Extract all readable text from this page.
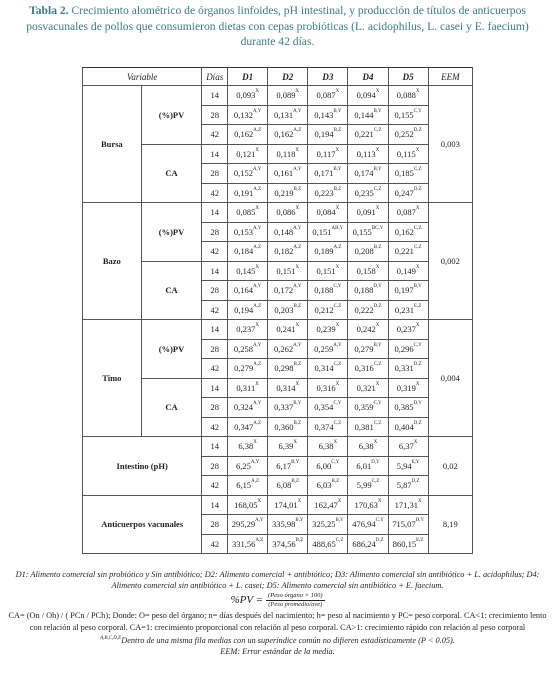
Tabla 2. Crecimiento alométrico de órganos linfoides, pH intestinal, y producción de títulos de anticuerpos posvacunales de pollos que consumieron dietas con cepas probióticas (L. acidophilus, L. casei y E. faecium) durante 42 días.
Variable		Días	D1	D2	D3	D4	D5	EEM
Bursa	(%)PV	14	$0,093^X$	$0,089^X$	$0,087^X$	$0,094^X$	$0,088^X$	0,003
		28	$0,132^{A,Y}$	$0,131^{A,Y}$	$0,143^{B,Y}$	$0,144^{B,Y}$	$0,155^{C,Y}$
		42	$0,162^{A,Z}$	$0,162^{A,Z}$	$0,194^{B,Z}$	$0,221^{C,Z}$	$0,252^{D,Z}$
	CA	14	$0,121^X$	$0,118^X$	$0,117^X$	$0,113^X$	$0,115^X$
		28	$0,152^{A,Y}$	$0,161^{A,Y}$	$0,171^{B,Y}$	$0,174^{B,Y}$	$0,185^{C,Z}$
		42	$0,191^{A,Z}$	$0,219^{B,Z}$	$0,223^{B,Z}$	$0,235^{C,Z}$	$0,247^{D,Z}$
Bazo	(%)PV	14	$0,085^X$	$0,086^X$	$0,084^X$	$0,091^X$	$0,087^X$	0,002
		28	$0,153^{A,Y}$	$0,148^{A,Y}$	$0,151^{AB,Y}$	$0,155^{BC,Y}$	$0,162^{C,Z}$
		42	$0,184^{A,Z}$	$0,182^{A,Z}$	$0,189^{A,Z}$	$0,208^{B,Z}$	$0,221^{C,Z}$
	CA	14	$0,145^X$	$0,151^X$	$0,151^X$	$0,158^X$	$0,149^X$
		28	$0,164^{A,Y}$	$0,172^{A,Y}$	$0,188^{C,Y}$	$0,188^{D,Y}$	$0,197^{B,Y}$
		42	$0,194^{A,Z}$	$0,203^{B,Z}$	$0,212^{C,Z}$	$0,222^{D,Z}$	$0,231^{E,Z}$
Timo	(%)PV	14	$0,237^X$	$0,241^X$	$0,239^X$	$0,242^X$	$0,237^X$	0,004
		28	$0,258^{A,Y}$	$0,262^{A,Y}$	$0,259^{A,Y}$	$0,279^{B,Y}$	$0,296^{C,Y}$
		42	$0,279^{A,Z}$	$0,298^{B,Z}$	$0,314^{C,Z}$	$0,316^{C,Z}$	$0,331^{D,Z}$
	CA	14	$0,311^X$	$0,314^X$	$0,316^X$	$0,321^X$	$0,319^X$
		28	$0,324^{A,Y}$	$0,337^{B,Y}$	$0,354^{C,Y}$	$0,359^{C,Y}$	$0,385^{D,Y}$
		42	$0,347^{A,Z}$	$0,360^{B,Z}$	$0,374^{C,Z}$	$0,381^{C,Z}$	$0,404^{D,Z}$
Intestino (pH)		14	$6,38^X$	$6,39^X$	$6,38^X$	$6,38^X$	$6,37^X$	0,02
		28	$6,25^{A,Y}$	$6,17^{B,Y}$	$6,00^{C,Y}$	$6,01^{D,Y}$	$5,94^{E,Y}$
		42	$6,15^{A,Z}$	$6,08^{B,Z}$	$6,03^{B,Z}$	$5,99^{C,Z}$	$5,87^{D,Z}$
Anticuerpos vacunales		14	$168,05^X$	$174,01^X$	$162,47^X$	$170,63^X$	$171,31^X$	8,19
		28	$295,29^{A,Y}$	$335,98^{B,Y}$	$325,25^{B,Y}$	$476,94^{C,Y}$	$715,07^{D,Y}$
		42	$331,56^{A,Z}$	$374,56^{B,Z}$	$488,65^{C,Z}$	$686,24^{D,Z}$	$860,15^{E,Z}$
D1: Alimento comercial sin probiótico y Sin antibiótico; D2: Alimento comercial + antibiótico; D3: Alimento comercial sin antibiótico + L. acidophilus; D4: Alimento comercial sin antibiótico + L. casei; D5: Alimento comercial sin antibiótico + E. faecium.
$\%PV = \frac{\text{(Peso órgano × 100)}}{\text{(Peso promedio/ave)}}$
CA= (On / Oh) / ( PCn / PCh); Donde: O= peso del órgano; n= días después del nacimiento; h= peso al nacimiento y PC= peso corporal. CA<1: crecimiento lento con relación al peso corporal. CA=1: crecimiento proporcional con relación al peso corporal. CA>1: crecimiento rápido con relación al peso corporal
$^{A,B,C,D,E}$Dentro de una misma fila medias con un superíndice común no difieren estadísticamente (P < 0.05).
EEM: Error estándar de la media.
